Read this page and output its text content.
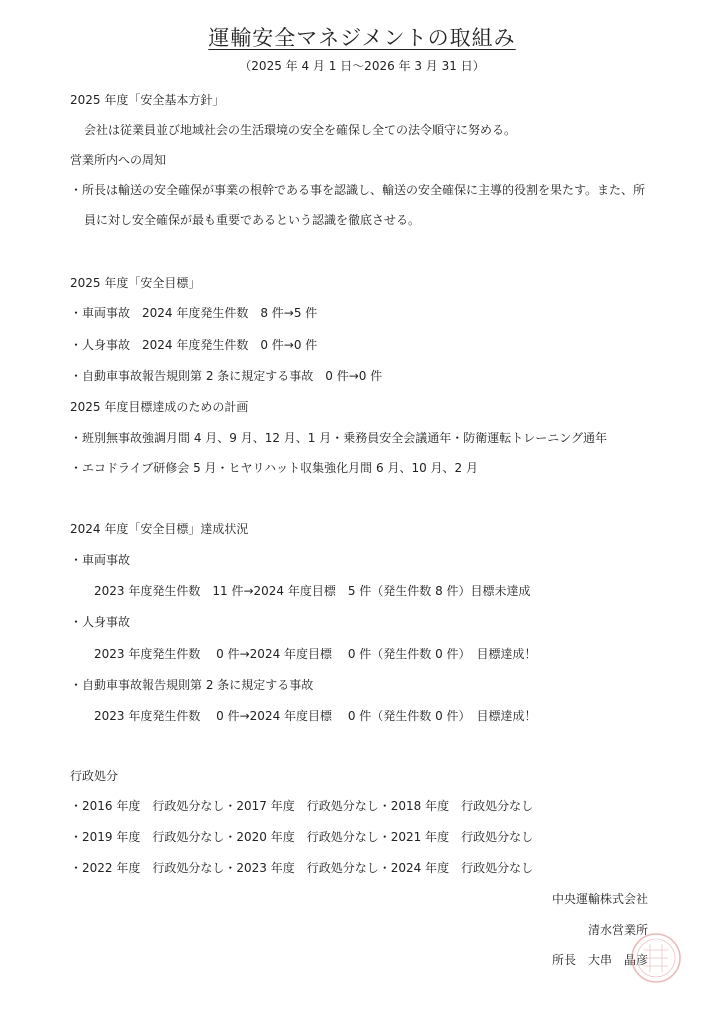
運輸安全マネジメントの取組み
（2025 年 4 月 1 日～2026 年 3 月 31 日）
2025 年度「安全基本方針」
会社は従業員並び地域社会の生活環境の安全を確保し全ての法令順守に努める。
営業所内への周知
・所長は輸送の安全確保が事業の根幹である事を認識し、輸送の安全確保に主導的役割を果たす。また、所
員に対し安全確保が最も重要であるという認識を徹底させる。
2025 年度「安全目標」
・車両事故　2024 年度発生件数　8 件→5 件
・人身事故　2024 年度発生件数　0 件→0 件
・自動車事故報告規則第 2 条に規定する事故　0 件→0 件
2025 年度目標達成のための計画
・班別無事故強調月間 4 月、9 月、12 月、1 月・乗務員安全会議通年・防衛運転トレーニング通年
・エコドライブ研修会 5 月・ヒヤリハット収集強化月間 6 月、10 月、2 月
2024 年度「安全目標」達成状況
・車両事故
2023 年度発生件数　11 件→2024 年度目標　5 件（発生件数 8 件）目標未達成
・人身事故
2023 年度発生件数　 0 件→2024 年度目標　 0 件（発生件数 0 件）　目標達成！
・自動車事故報告規則第 2 条に規定する事故
2023 年度発生件数　 0 件→2024 年度目標　 0 件（発生件数 0 件）　目標達成！
行政処分
・2016 年度　行政処分なし・2017 年度　行政処分なし・2018 年度　行政処分なし
・2019 年度　行政処分なし・2020 年度　行政処分なし・2021 年度　行政処分なし
・2022 年度　行政処分なし・2023 年度　行政処分なし・2024 年度　行政処分なし
中央運輸株式会社
清水営業所
所長　大串　晶彦
